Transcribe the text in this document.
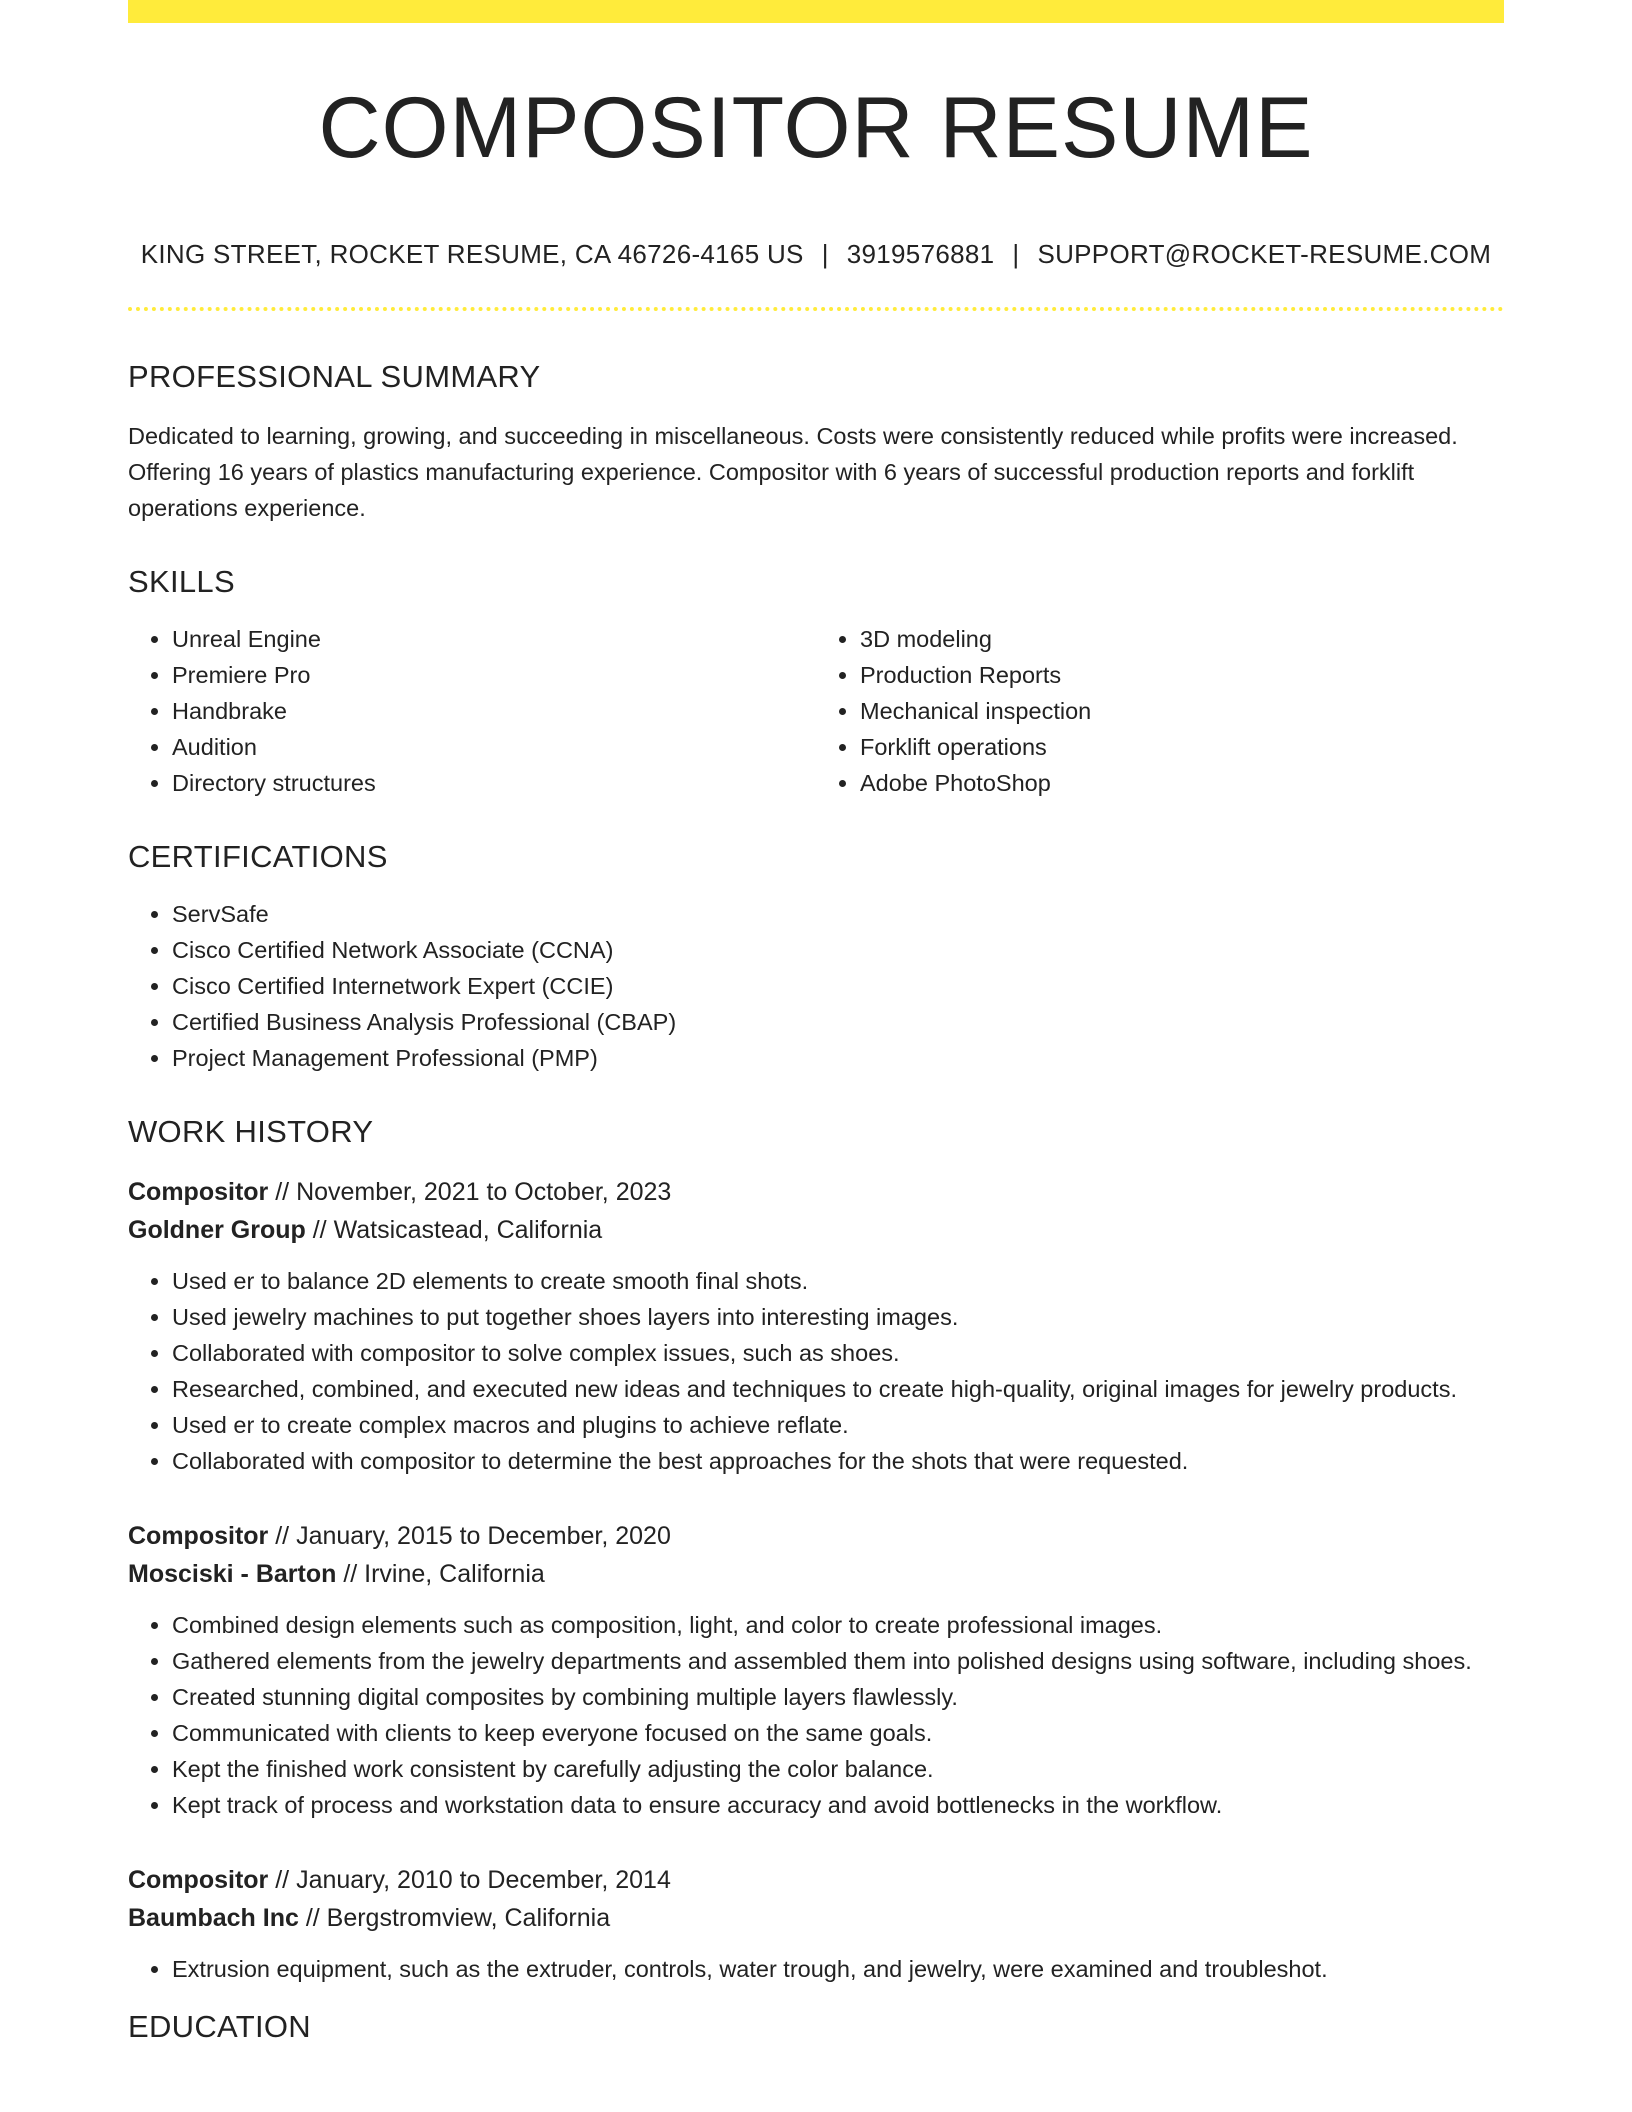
COMPOSITOR RESUME
KING STREET, ROCKET RESUME, CA 46726-4165 US | 3919576881 | SUPPORT@ROCKET-RESUME.COM
PROFESSIONAL SUMMARY

Dedicated to learning, growing, and succeeding in miscellaneous. Costs were consistently reduced while profits were increased. Offering 16 years of plastics manufacturing experience. Compositor with 6 years of successful production reports and forklift operations experience.

SKILLS
• Unreal Engine
• Premiere Pro
• Handbrake
• Audition
• Directory structures
• 3D modeling
• Production Reports
• Mechanical inspection
• Forklift operations
• Adobe PhotoShop
CERTIFICATIONS
• ServSafe
• Cisco Certified Network Associate (CCNA)
• Cisco Certified Internetwork Expert (CCIE)
• Certified Business Analysis Professional (CBAP)
• Project Management Professional (PMP)
WORK HISTORY
Compositor // November, 2021 to October, 2023
Goldner Group // Watsicastead, California
• Used er to balance 2D elements to create smooth final shots.
• Used jewelry machines to put together shoes layers into interesting images.
• Collaborated with compositor to solve complex issues, such as shoes.
• Researched, combined, and executed new ideas and techniques to create high-quality, original images for jewelry products.
• Used er to create complex macros and plugins to achieve reflate.
• Collaborated with compositor to determine the best approaches for the shots that were requested.
Compositor // January, 2015 to December, 2020
Mosciski - Barton // Irvine, California
• Combined design elements such as composition, light, and color to create professional images.
• Gathered elements from the jewelry departments and assembled them into polished designs using software, including shoes.
• Created stunning digital composites by combining multiple layers flawlessly.
• Communicated with clients to keep everyone focused on the same goals.
• Kept the finished work consistent by carefully adjusting the color balance.
• Kept track of process and workstation data to ensure accuracy and avoid bottlenecks in the workflow.
Compositor // January, 2010 to December, 2014
Baumbach Inc // Bergstromview, California
• Extrusion equipment, such as the extruder, controls, water trough, and jewelry, were examined and troubleshot.
EDUCATION
